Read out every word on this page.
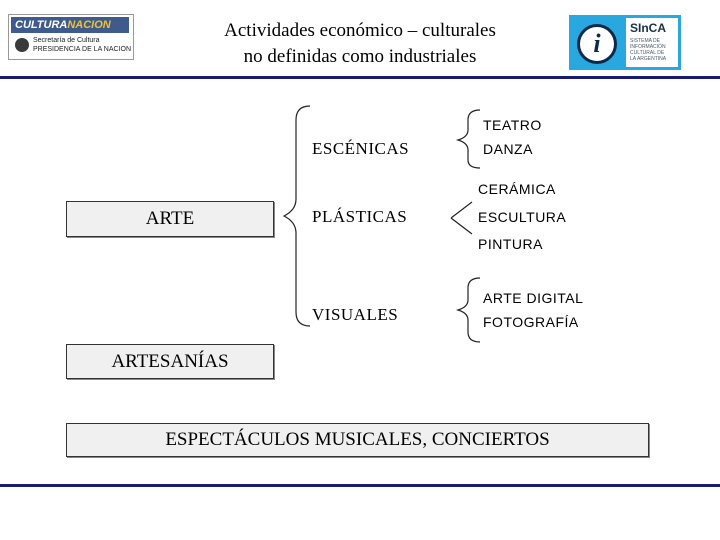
CULTURANACION
Secretaría de Cultura
PRESIDENCIA DE LA NACION
Actividades económico – culturales
no definidas como industriales	i
SInCA
SISTEMA DE
INFORMACIÓN
CULTURAL DE
LA ARGENTINA
ARTE
ESCÉNICAS
PLÁSTICAS
VISUALES
TEATRO
DANZA
CERÁMICA
ESCULTURA
PINTURA
ARTE DIGITAL
FOTOGRAFÍA
ARTESANÍAS
ESPECTÁCULOS MUSICALES, CONCIERTOS
